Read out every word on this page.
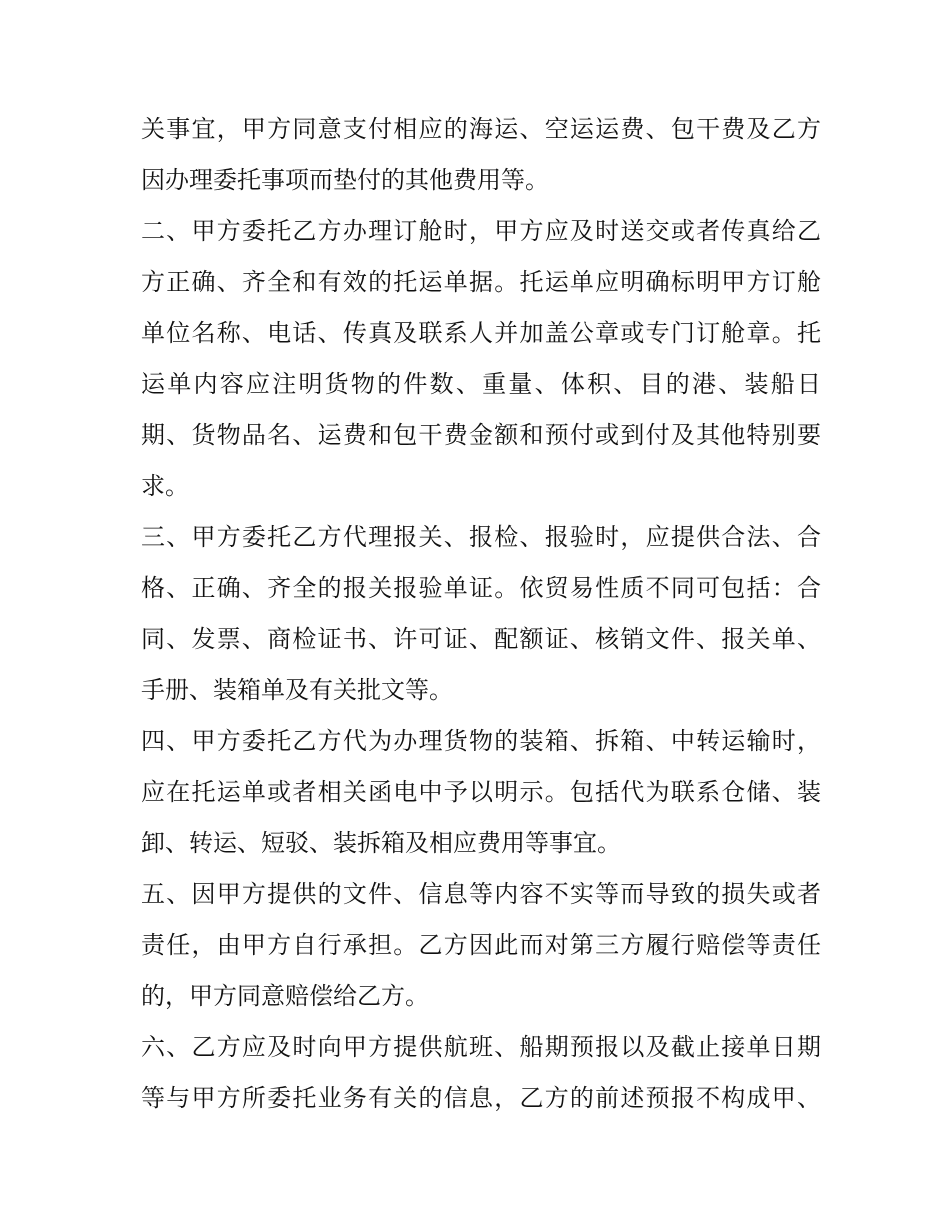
关事宜，甲方同意支付相应的海运、空运运费、包干费及乙方
因办理委托事项而垫付的其他费用等。
二、甲方委托乙方办理订舱时，甲方应及时送交或者传真给乙
方正确、齐全和有效的托运单据。托运单应明确标明甲方订舱
单位名称、电话、传真及联系人并加盖公章或专门订舱章。托
运单内容应注明货物的件数、重量、体积、目的港、装船日
期、货物品名、运费和包干费金额和预付或到付及其他特别要
求。
三、甲方委托乙方代理报关、报检、报验时，应提供合法、合
格、正确、齐全的报关报验单证。依贸易性质不同可包括：合
同、发票、商检证书、许可证、配额证、核销文件、报关单、
手册、装箱单及有关批文等。
四、甲方委托乙方代为办理货物的装箱、拆箱、中转运输时，
应在托运单或者相关函电中予以明示。包括代为联系仓储、装
卸、转运、短驳、装拆箱及相应费用等事宜。
五、因甲方提供的文件、信息等内容不实等而导致的损失或者
责任，由甲方自行承担。乙方因此而对第三方履行赔偿等责任
的，甲方同意赔偿给乙方。
六、乙方应及时向甲方提供航班、船期预报以及截止接单日期
等与甲方所委托业务有关的信息，乙方的前述预报不构成甲、
